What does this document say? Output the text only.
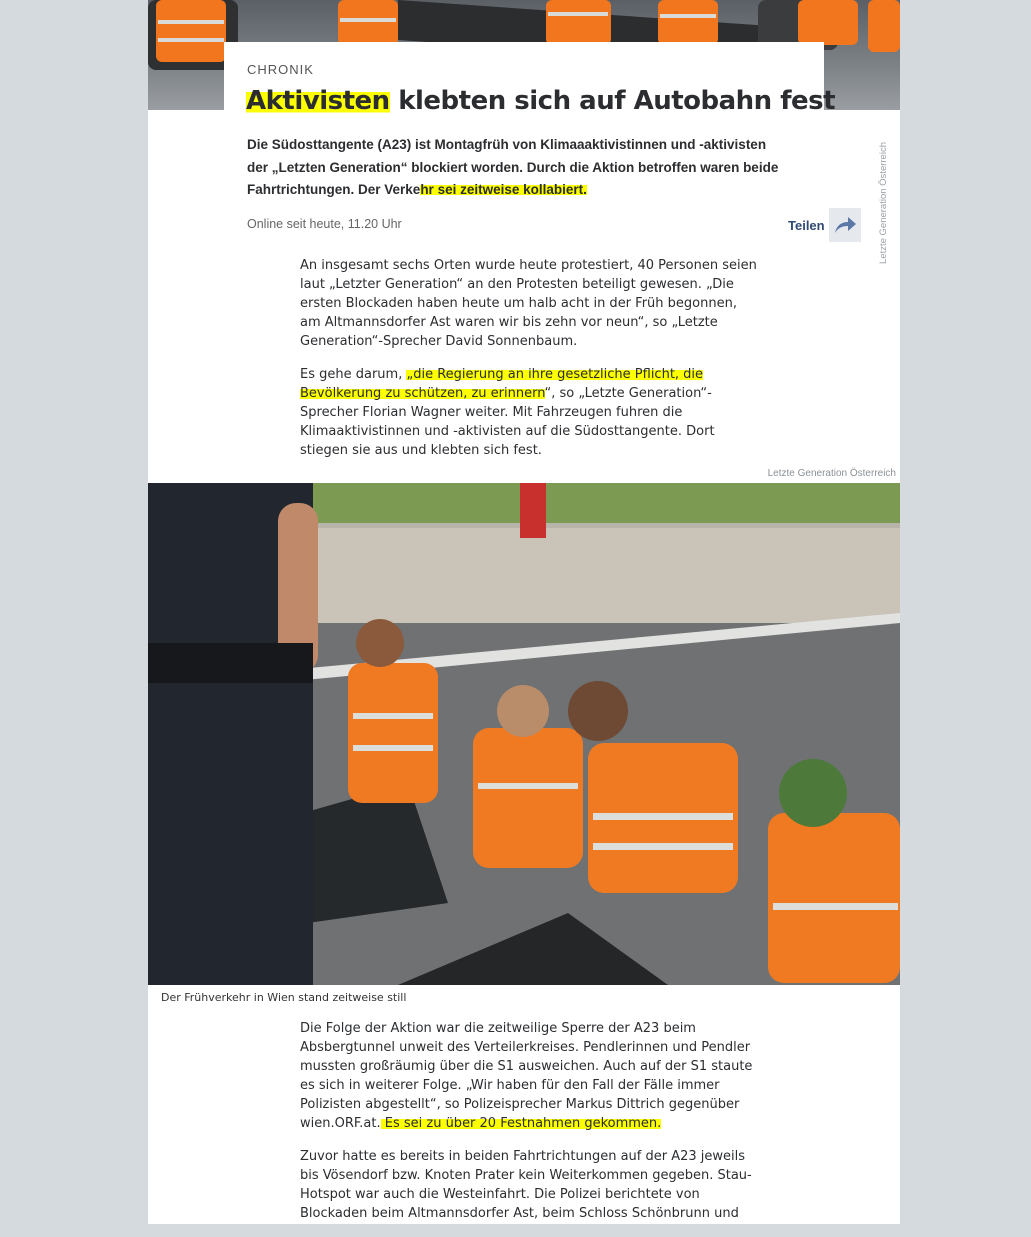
Letzte Generation Österreich
CHRONIK
Aktivisten klebten sich auf Autobahn fest

Die Südosttangente (A23) ist Montagfrüh von Klimaaaktivistinnen und -aktivisten der „Letzten Generation“ blockiert worden. Durch die Aktion betroffen waren beide Fahrtrichtungen. Der Verkehr sei zeitweise kollabiert.

Online seit heute, 11.20 Uhr	Teilen

An insgesamt sechs Orten wurde heute protestiert, 40 Personen seien laut „Letzter Generation“ an den Protesten beteiligt gewesen. „Die ersten Blockaden haben heute um halb acht in der Früh begonnen, am Altmannsdorfer Ast waren wir bis zehn vor neun“, so „Letzte Generation“-Sprecher David Sonnenbaum.

Es gehe darum, „die Regierung an ihre gesetzliche Pflicht, die Bevölkerung zu schützen, zu erinnern“, so „Letzte Generation“-Sprecher Florian Wagner weiter. Mit Fahrzeugen fuhren die Klimaaktivistinnen und -aktivisten auf die Südosttangente. Dort stiegen sie aus und klebten sich fest.

Letzte Generation Österreich
Der Frühverkehr in Wien stand zeitweise still

Die Folge der Aktion war die zeitweilige Sperre der A23 beim Absbergtunnel unweit des Verteilerkreises. Pendlerinnen und Pendler mussten großräumig über die S1 ausweichen. Auch auf der S1 staute es sich in weiterer Folge. „Wir haben für den Fall der Fälle immer Polizisten abgestellt“, so Polizeisprecher Markus Dittrich gegenüber wien.ORF.at. Es sei zu über 20 Festnahmen gekommen.

Zuvor hatte es bereits in beiden Fahrtrichtungen auf der A23 jeweils bis Vösendorf bzw. Knoten Prater kein Weiterkommen gegeben. Stau-Hotspot war auch die Westeinfahrt. Die Polizei berichtete von Blockaden beim Altmannsdorfer Ast, beim Schloss Schönbrunn und
